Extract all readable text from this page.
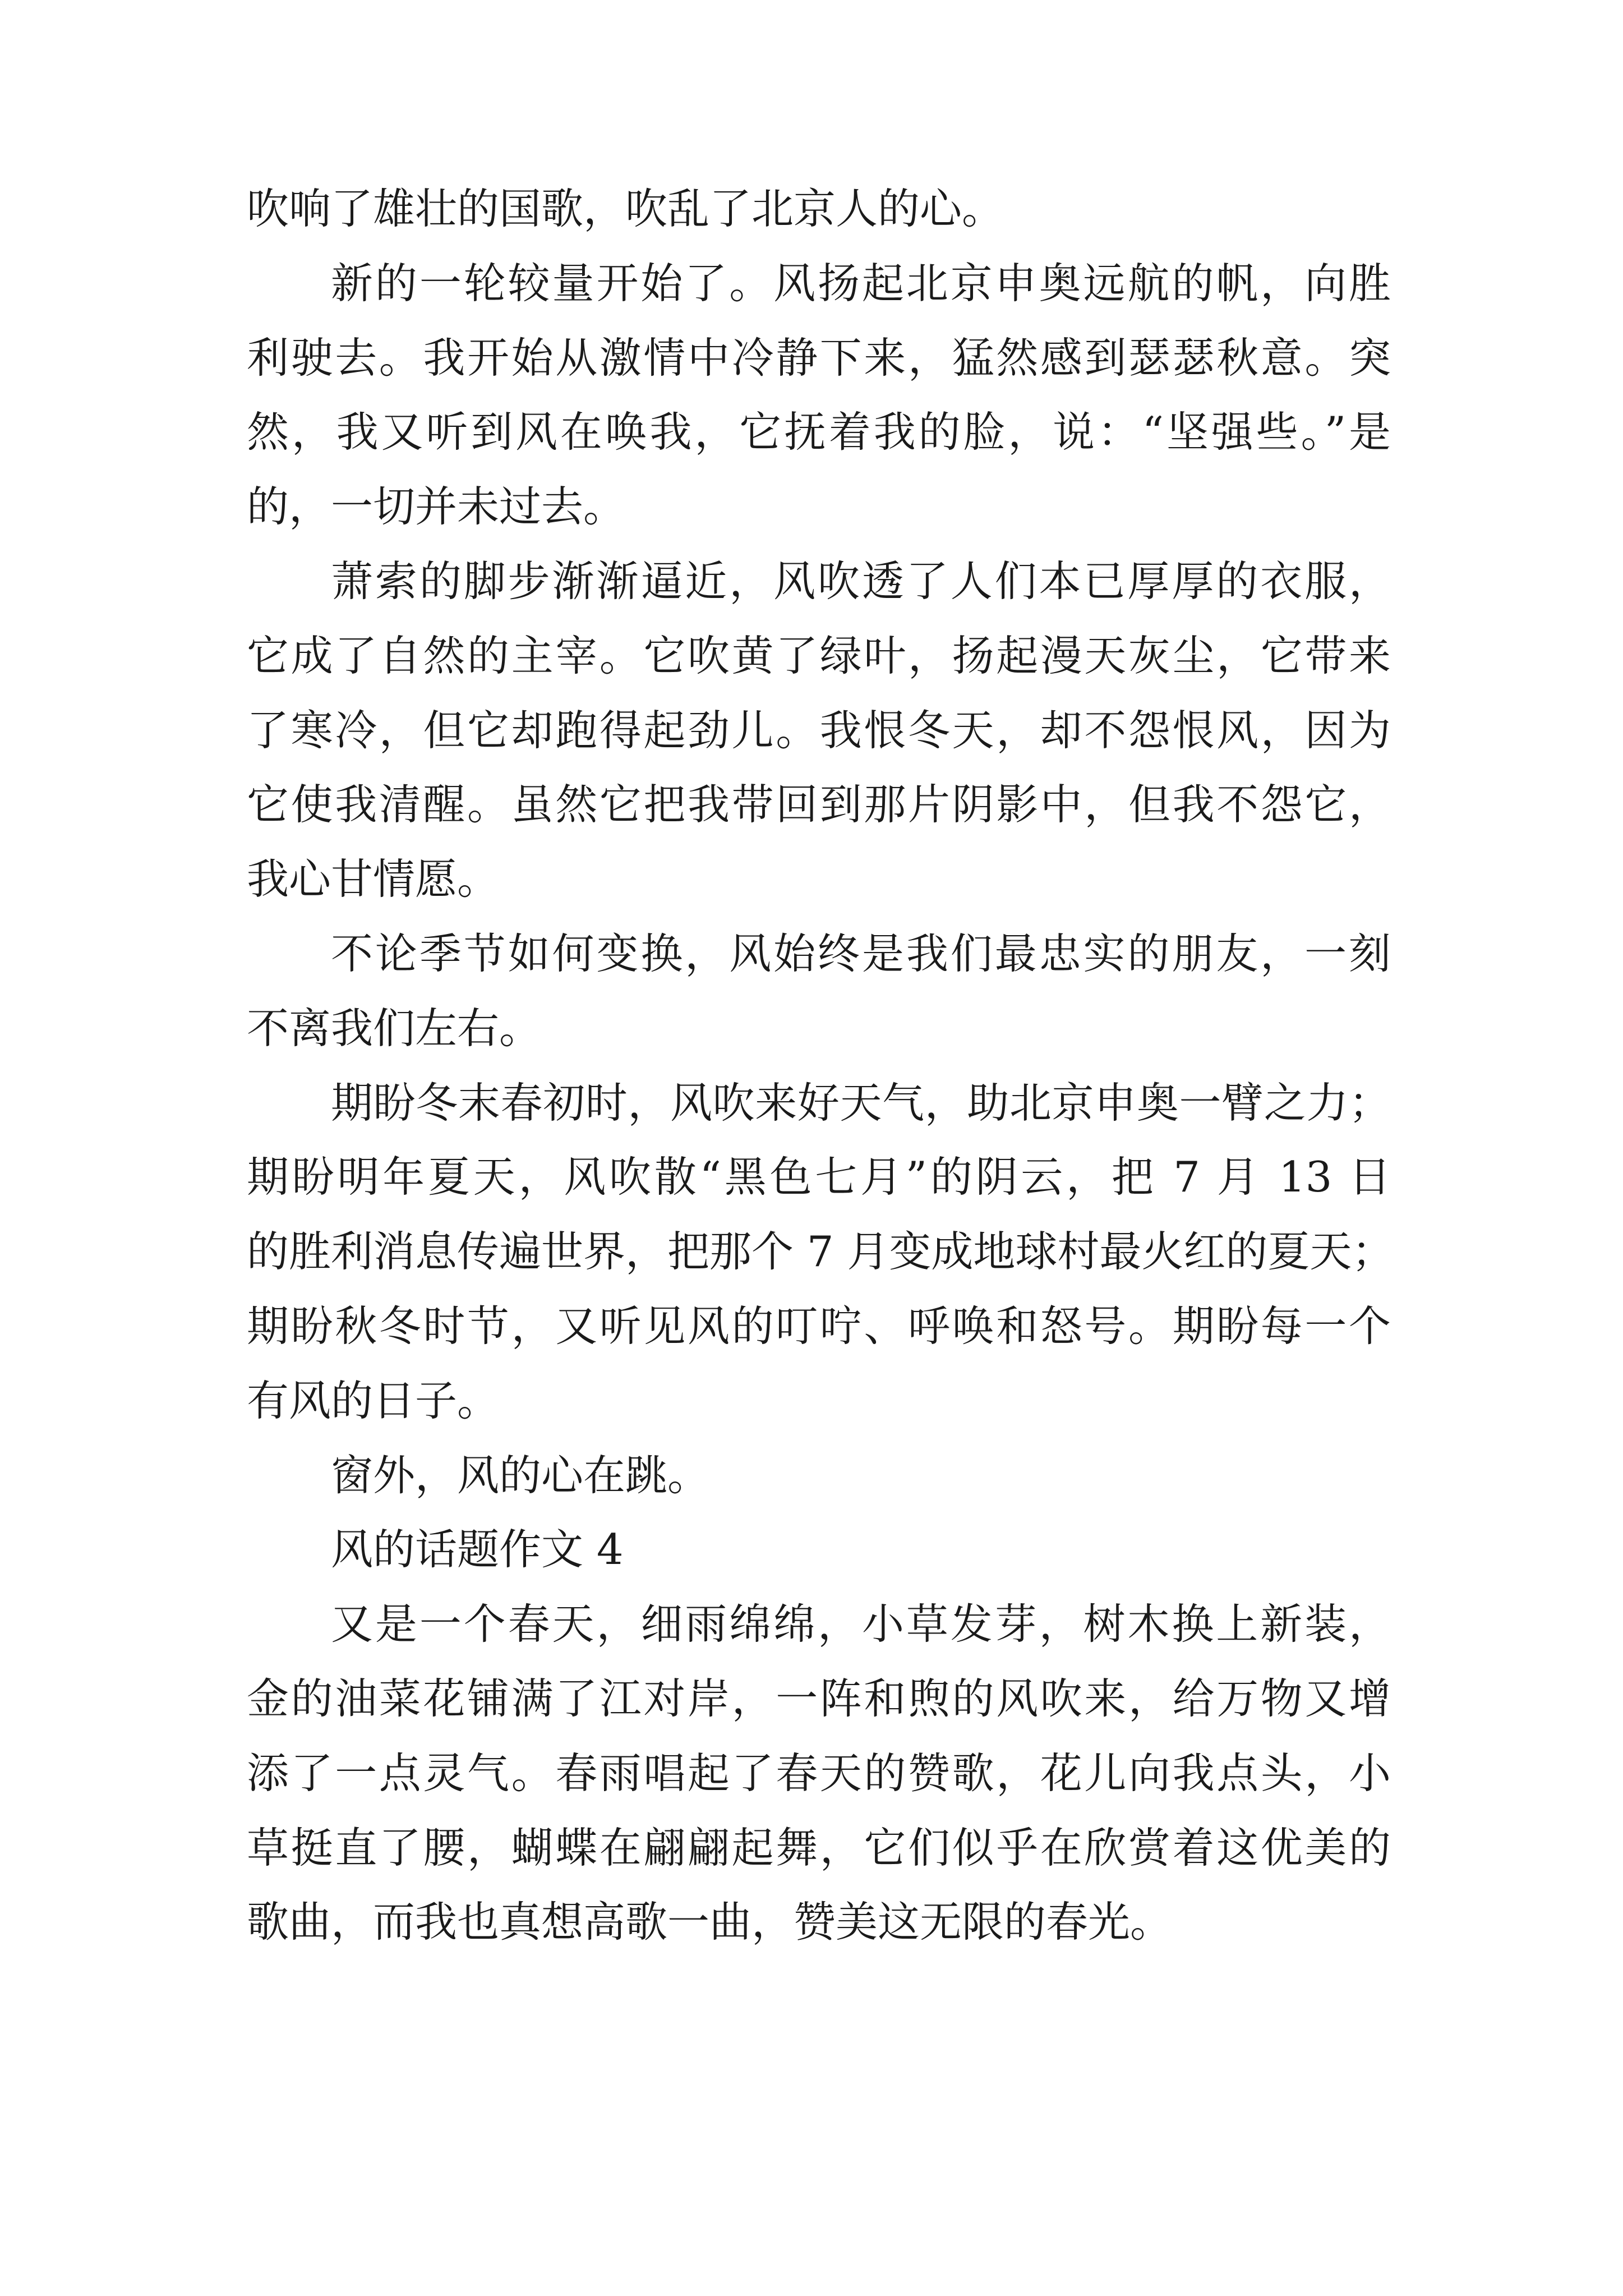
吹响了雄壮的国歌，吹乱了北京人的心。
新的一轮较量开始了。风扬起北京申奥远航的帆，向胜
利驶去。我开始从激情中冷静下来，猛然感到瑟瑟秋意。突
然，我又听到风在唤我，它抚着我的脸，说：“坚强些。”是
的，一切并未过去。
萧索的脚步渐渐逼近，风吹透了人们本已厚厚的衣服，
它成了自然的主宰。它吹黄了绿叶，扬起漫天灰尘，它带来
了寒冷，但它却跑得起劲儿。我恨冬天，却不怨恨风，因为
它使我清醒。虽然它把我带回到那片阴影中，但我不怨它，
我心甘情愿。
不论季节如何变换，风始终是我们最忠实的朋友，一刻
不离我们左右。
期盼冬末春初时，风吹来好天气，助北京申奥一臂之力；
期盼明年夏天，风吹散“黑色七月”的阴云，把 7 月 13 日
的胜利消息传遍世界，把那个 7 月变成地球村最火红的夏天；
期盼秋冬时节，又听见风的叮咛、呼唤和怒号。期盼每一个
有风的日子。
窗外，风的心在跳。
风的话题作文 4
又是一个春天，细雨绵绵，小草发芽，树木换上新装，
金的油菜花铺满了江对岸，一阵和煦的风吹来，给万物又增
添了一点灵气。春雨唱起了春天的赞歌，花儿向我点头，小
草挺直了腰，蝴蝶在翩翩起舞，它们似乎在欣赏着这优美的
歌曲，而我也真想高歌一曲，赞美这无限的春光。
